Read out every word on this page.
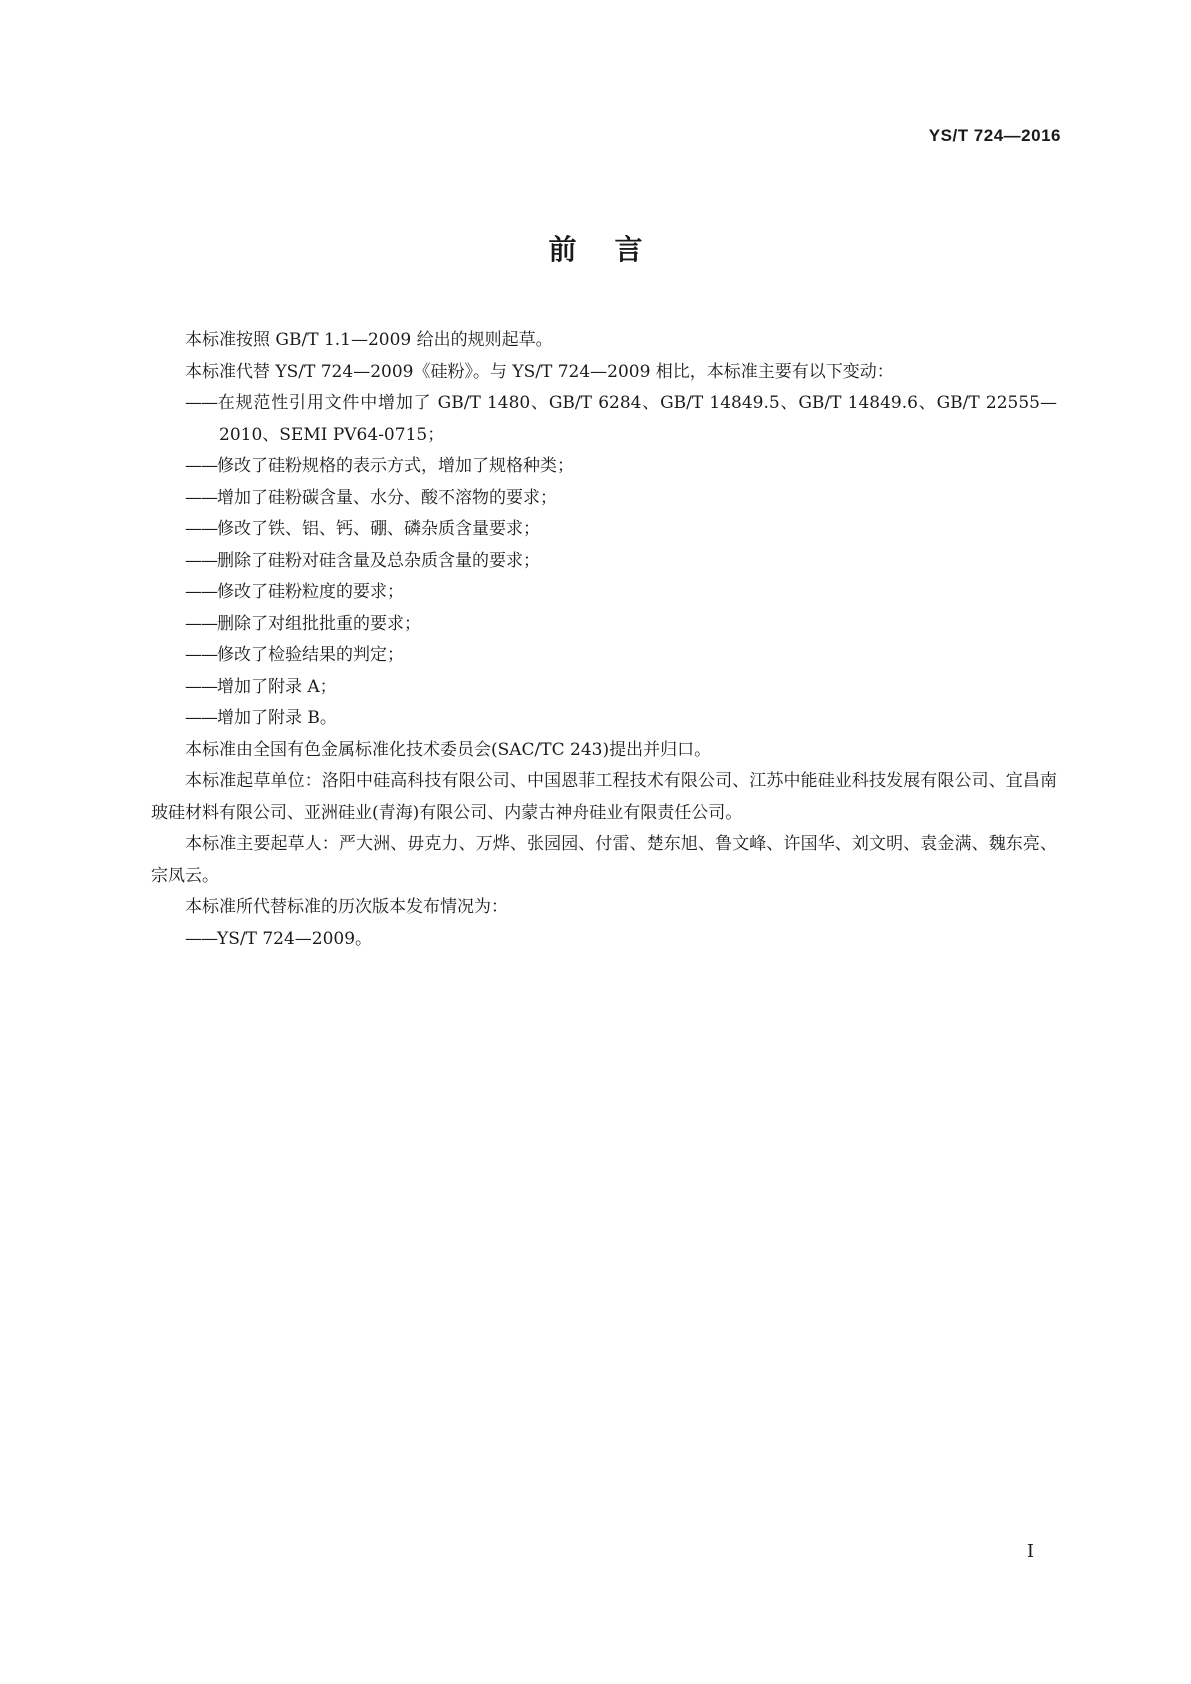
YS/T 724—2016
前言

本标准按照 GB/T 1.1—2009 给出的规则起草。

本标准代替 YS/T 724—2009《硅粉》。与 YS/T 724—2009 相比，本标准主要有以下变动：

——在规范性引用文件中增加了 GB/T 1480、GB/T 6284、GB/T 14849.5、GB/T 14849.6、GB/T 22555—2010、SEMI PV64-0715；

——修改了硅粉规格的表示方式，增加了规格种类；

——增加了硅粉碳含量、水分、酸不溶物的要求；

——修改了铁、铝、钙、硼、磷杂质含量要求；

——删除了硅粉对硅含量及总杂质含量的要求；

——修改了硅粉粒度的要求；

——删除了对组批批重的要求；

——修改了检验结果的判定；

——增加了附录 A；

——增加了附录 B。

本标准由全国有色金属标准化技术委员会(SAC/TC 243)提出并归口。

本标准起草单位：洛阳中硅高科技有限公司、中国恩菲工程技术有限公司、江苏中能硅业科技发展有限公司、宜昌南玻硅材料有限公司、亚洲硅业(青海)有限公司、内蒙古神舟硅业有限责任公司。

本标准主要起草人：严大洲、毋克力、万烨、张园园、付雷、楚东旭、鲁文峰、许国华、刘文明、袁金满、魏东亮、宗凤云。

本标准所代替标准的历次版本发布情况为：

——YS/T 724—2009。

I
